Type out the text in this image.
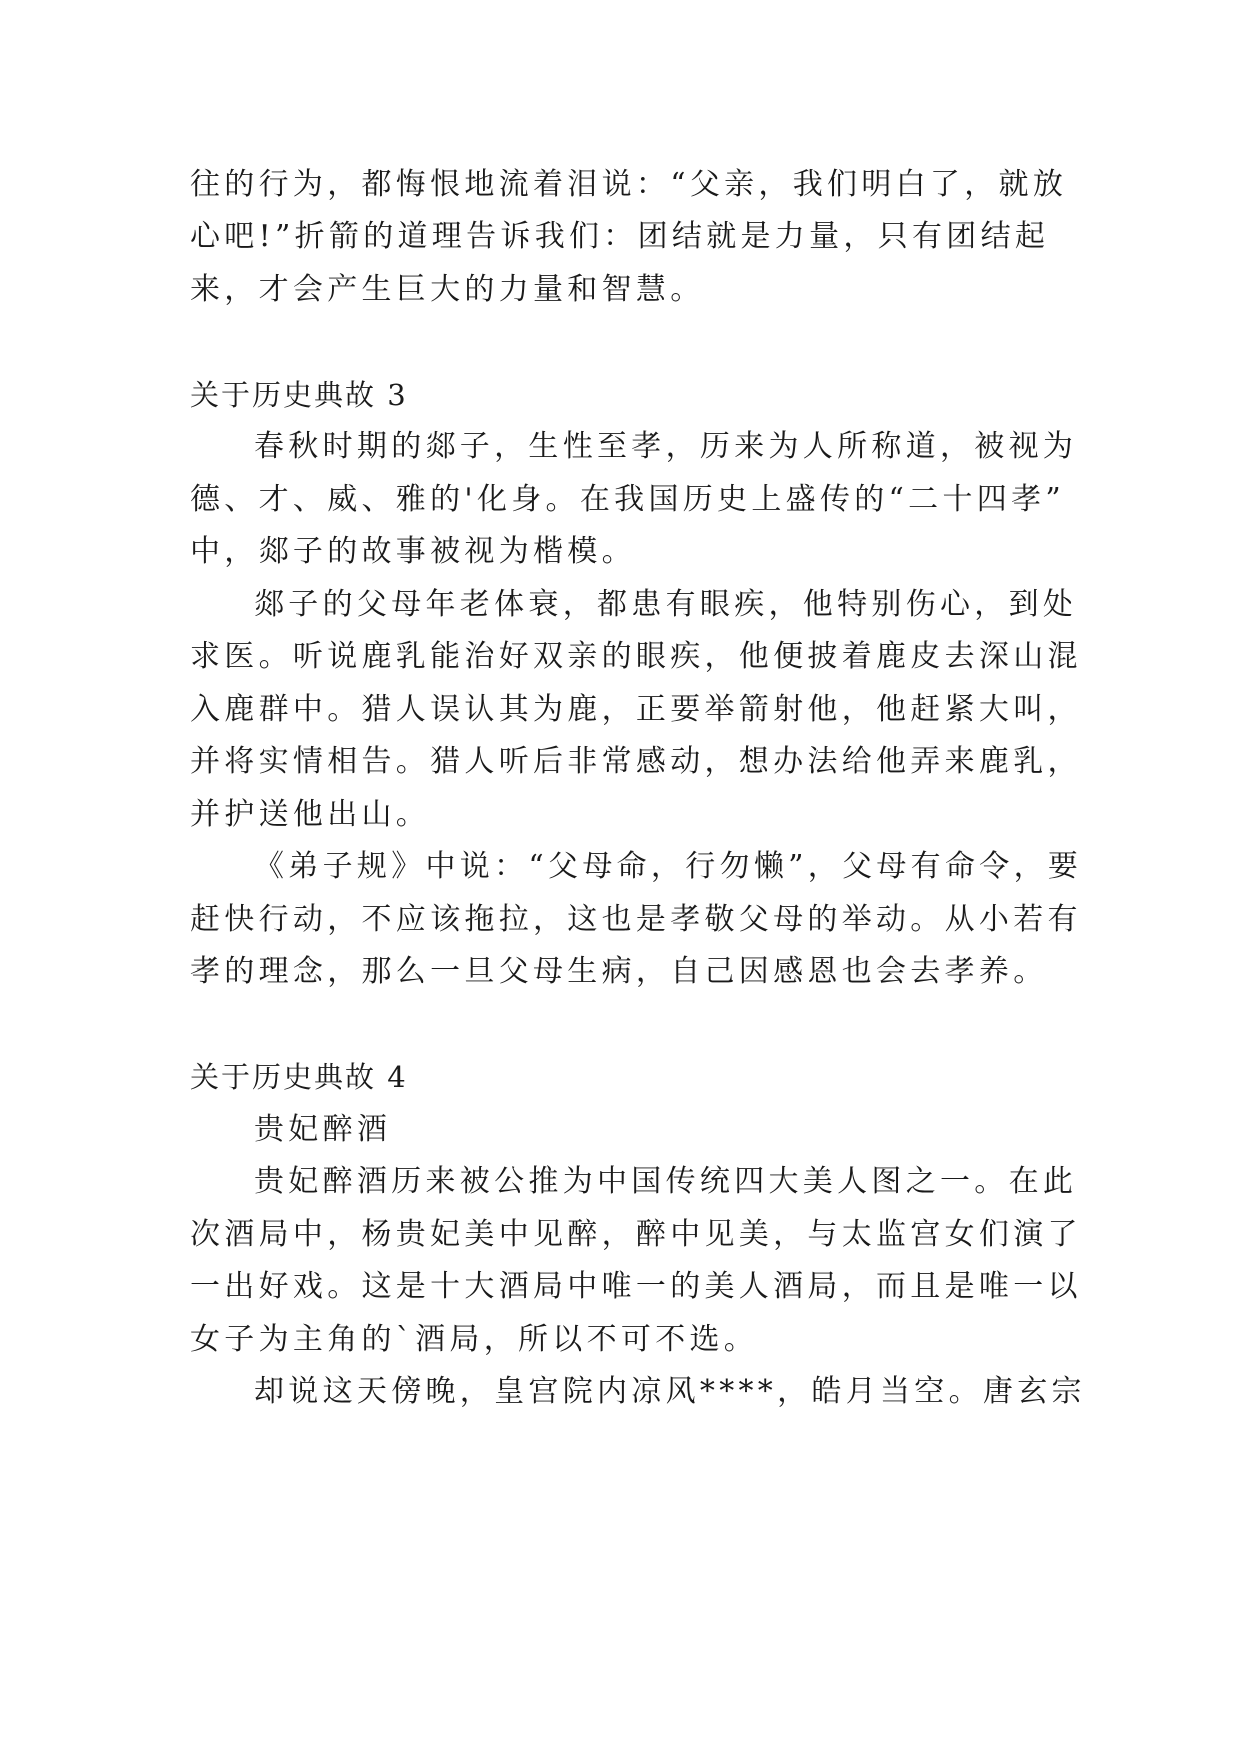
往的行为，都悔恨地流着泪说：“父亲，我们明白了，就放
心吧!”折箭的道理告诉我们：团结就是力量，只有团结起
来，才会产生巨大的力量和智慧。
关于历史典故 3
春秋时期的郯子，生性至孝，历来为人所称道，被视为
德、才、威、雅的'化身。在我国历史上盛传的“二十四孝”
中，郯子的故事被视为楷模。
郯子的父母年老体衰，都患有眼疾，他特别伤心，到处
求医。听说鹿乳能治好双亲的眼疾，他便披着鹿皮去深山混
入鹿群中。猎人误认其为鹿，正要举箭射他，他赶紧大叫，
并将实情相告。猎人听后非常感动，想办法给他弄来鹿乳，
并护送他出山。
《弟子规》中说：“父母命，行勿懒”，父母有命令，要
赶快行动，不应该拖拉，这也是孝敬父母的举动。从小若有
孝的理念，那么一旦父母生病，自己因感恩也会去孝养。
关于历史典故 4
贵妃醉酒
贵妃醉酒历来被公推为中国传统四大美人图之一。在此
次酒局中，杨贵妃美中见醉，醉中见美，与太监宫女们演了
一出好戏。这是十大酒局中唯一的美人酒局，而且是唯一以
女子为主角的`酒局，所以不可不选。
却说这天傍晚，皇宫院内凉风****，皓月当空。唐玄宗
